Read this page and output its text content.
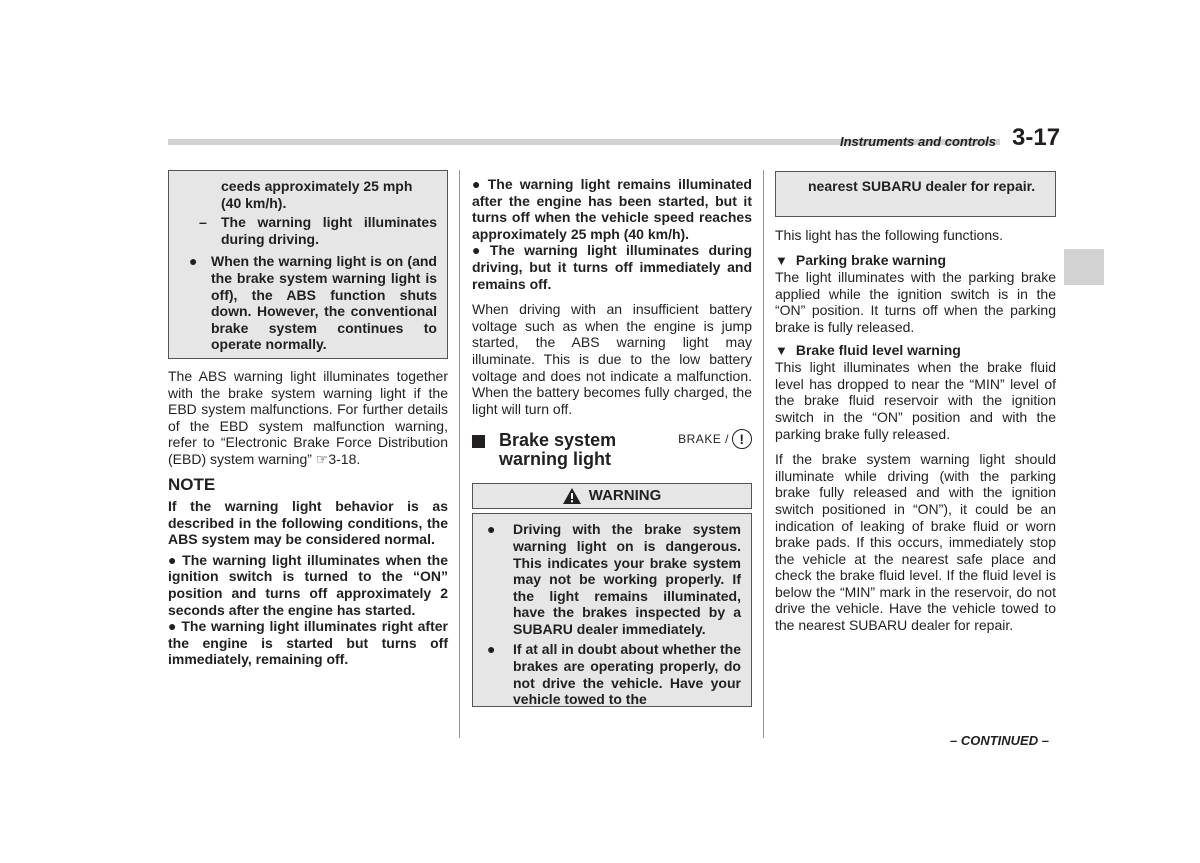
Instruments and controls 3-17
ceeds approximately 25 mph
(40 km/h).
–	The warning light illuminates during driving.
● When the warning light is on (and the brake system warning light is off), the ABS function shuts down. However, the conventional brake system continues to operate normally.
The ABS warning light illuminates together with the brake system warning light if the EBD system malfunctions. For further details of the EBD system malfunction warning, refer to “Electronic Brake Force Distribution (EBD) system warning” ☞3-18.
NOTE
If the warning light behavior is as described in the following conditions, the ABS system may be considered normal.
● The warning light illuminates when the ignition switch is turned to the “ON” position and turns off approximately 2 seconds after the engine has started.
● The warning light illuminates right after the engine is started but turns off immediately, remaining off.
● The warning light remains illuminated after the engine has been started, but it turns off when the vehicle speed reaches approximately 25 mph (40 km/h).
● The warning light illuminates during driving, but it turns off immediately and remains off.
When driving with an insufficient battery voltage such as when the engine is jump started, the ABS warning light may illuminate. This is due to the low battery voltage and does not indicate a malfunction. When the battery becomes fully charged, the light will turn off.
Brake system warning light
BRAKE / !
WARNING
●	Driving with the brake system warning light on is dangerous. This indicates your brake system may not be working properly. If the light remains illuminated, have the brakes inspected by a SUBARU dealer immediately.
●	If at all in doubt about whether the brakes are operating properly, do not drive the vehicle. Have your vehicle towed to the
nearest SUBARU dealer for repair.
This light has the following functions.
▼ Parking brake warning
The light illuminates with the parking brake applied while the ignition switch is in the “ON” position. It turns off when the parking brake is fully released.
▼ Brake fluid level warning
This light illuminates when the brake fluid level has dropped to near the “MIN” level of the brake fluid reservoir with the ignition switch in the “ON” position and with the parking brake fully released.
If the brake system warning light should illuminate while driving (with the parking brake fully released and with the ignition switch positioned in “ON”), it could be an indication of leaking of brake fluid or worn brake pads. If this occurs, immediately stop the vehicle at the nearest safe place and check the brake fluid level. If the fluid level is below the “MIN” mark in the reservoir, do not drive the vehicle. Have the vehicle towed to the nearest SUBARU dealer for repair.
– CONTINUED –
